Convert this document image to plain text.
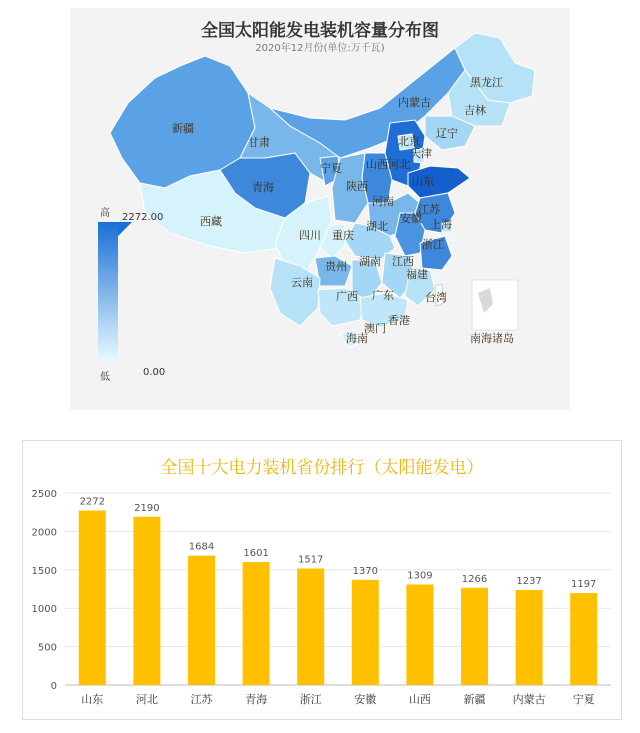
高
低
2272.00
0.00
黑龙江
吉林
辽宁
内蒙古
北京
天津
河北
山西
山东
新疆
甘肃
宁夏
陕西
青海
西藏
河南
江苏
安徽 上海
湖北
四川 重庆
浙江
贵州 湖南 江西
福建
云南
广西 广东	台湾
香港
澳门
海南	南海诸岛
全国太阳能发电装机容量分布图
2020年12月份(单位:万千瓦)
全国十大电力装机省份排行（太阳能发电）
0
500
1000
1500
2000
2500
2272
山东
2190
河北
1684
江苏
1601
青海
1517
浙江
1370
安徽
1309
山西
1266
新疆
1237
内蒙古
1197
宁夏
